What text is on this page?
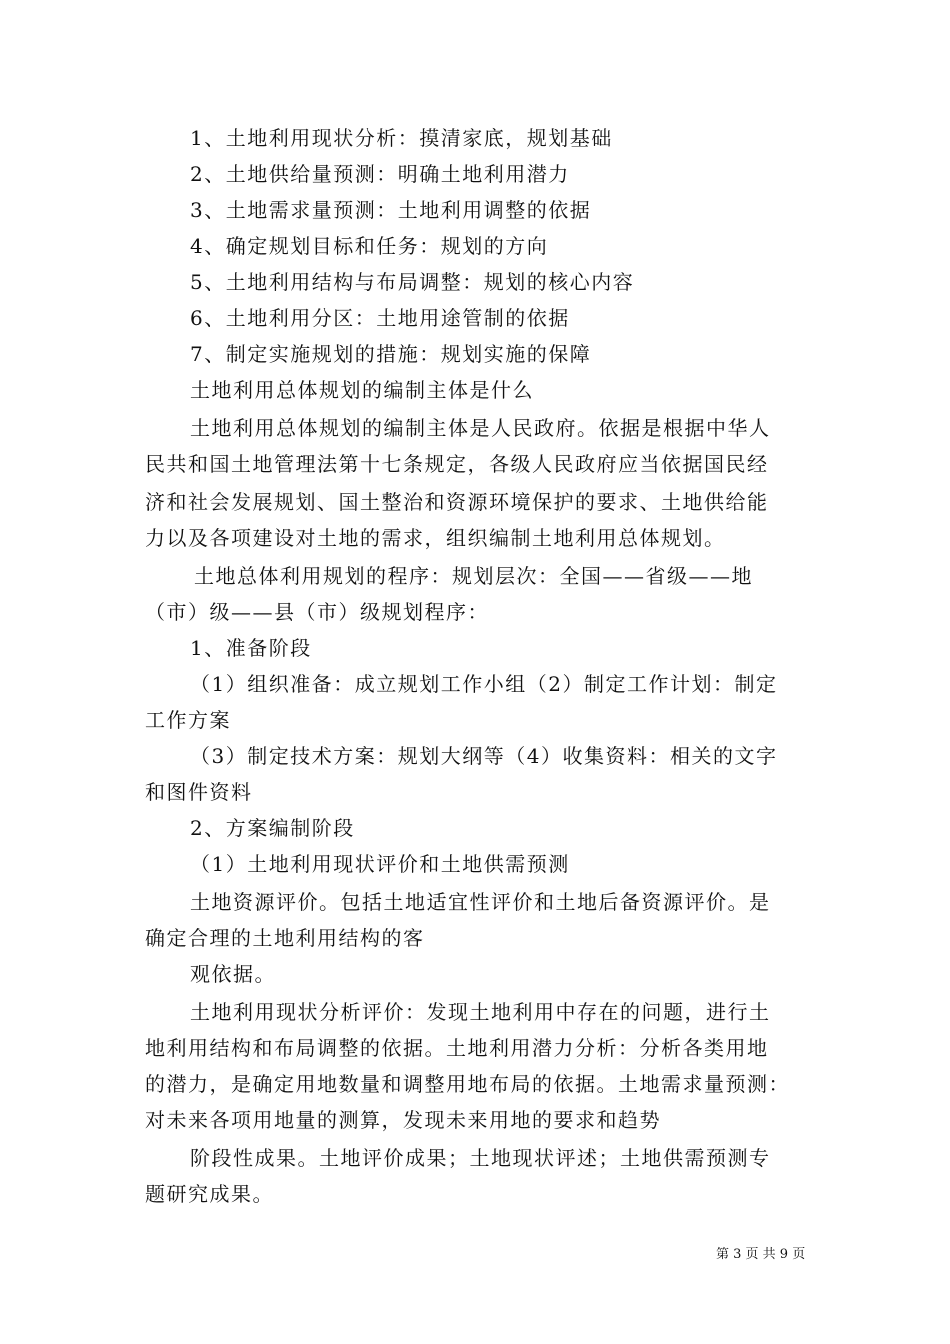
1、土地利用现状分析：摸清家底，规划基础
2、土地供给量预测：明确土地利用潜力
3、土地需求量预测：土地利用调整的依据
4、确定规划目标和任务：规划的方向
5、土地利用结构与布局调整：规划的核心内容
6、土地利用分区：土地用途管制的依据
7、制定实施规划的措施：规划实施的保障
土地利用总体规划的编制主体是什么
土地利用总体规划的编制主体是人民政府。依据是根据中华人
民共和国土地管理法第十七条规定，各级人民政府应当依据国民经
济和社会发展规划、国土整治和资源环境保护的要求、土地供给能
力以及各项建设对土地的需求，组织编制土地利用总体规划。
土地总体利用规划的程序：规划层次：全国——省级——地
（市）级——县（市）级规划程序：
1、准备阶段
（1）组织准备：成立规划工作小组（2）制定工作计划：制定
工作方案
（3）制定技术方案：规划大纲等（4）收集资料：相关的文字
和图件资料
2、方案编制阶段
（1）土地利用现状评价和土地供需预测
土地资源评价。包括土地适宜性评价和土地后备资源评价。是
确定合理的土地利用结构的客
观依据。
土地利用现状分析评价：发现土地利用中存在的问题，进行土
地利用结构和布局调整的依据。土地利用潜力分析：分析各类用地
的潜力，是确定用地数量和调整用地布局的依据。土地需求量预测：
对未来各项用地量的测算，发现未来用地的要求和趋势
阶段性成果。土地评价成果；土地现状评述；土地供需预测专
题研究成果。
第 3 页 共 9 页
